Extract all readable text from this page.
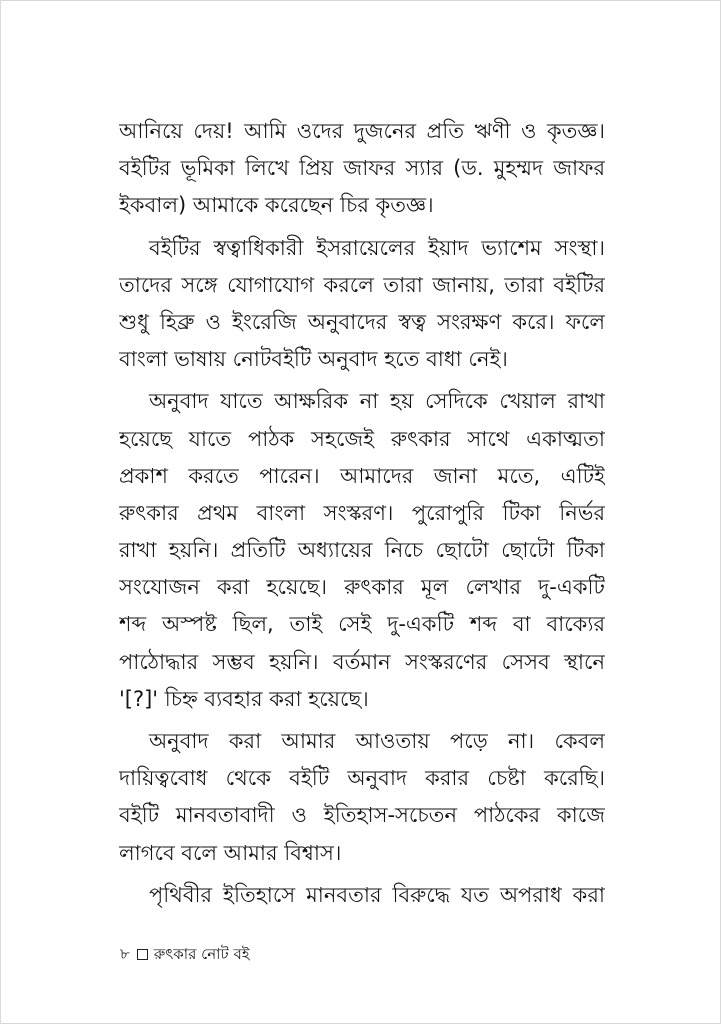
আনিয়ে দেয়! আমি ওদের দুজনের প্রতি ঋণী ও কৃতজ্ঞ।
বইটির ভূমিকা লিখে প্রিয় জাফর স্যার (ড. মুহম্মদ জাফর
ইকবাল) আমাকে করেছেন চির কৃতজ্ঞ।
বইটির স্বত্বাধিকারী ইসরায়েলের ইয়াদ ভ্যাশেম সংস্থা।
তাদের সঙ্গে যোগাযোগ করলে তারা জানায়, তারা বইটির
শুধু হিব্রু ও ইংরেজি অনুবাদের স্বত্ব সংরক্ষণ করে। ফলে
বাংলা ভাষায় নোটবইটি অনুবাদ হতে বাধা নেই।
অনুবাদ যাতে আক্ষরিক না হয় সেদিকে খেয়াল রাখা
হয়েছে যাতে পাঠক সহজেই রুৎকার সাথে একাত্মতা
প্রকাশ করতে পারেন। আমাদের জানা মতে, এটিই
রুৎকার প্রথম বাংলা সংস্করণ। পুরোপুরি টিকা নির্ভর
রাখা হয়নি। প্রতিটি অধ্যায়ের নিচে ছোটো ছোটো টিকা
সংযোজন করা হয়েছে। রুৎকার মূল লেখার দু-একটি
শব্দ অস্পষ্ট ছিল, তাই সেই দু-একটি শব্দ বা বাক্যের
পাঠোদ্ধার সম্ভব হয়নি। বর্তমান সংস্করণের সেসব স্থানে
'[?]' চিহ্ন ব্যবহার করা হয়েছে।
অনুবাদ করা আমার আওতায় পড়ে না। কেবল
দায়িত্ববোধ থেকে বইটি অনুবাদ করার চেষ্টা করেছি।
বইটি মানবতাবাদী ও ইতিহাস-সচেতন পাঠকের কাজে
লাগবে বলে আমার বিশ্বাস।
পৃথিবীর ইতিহাসে মানবতার বিরুদ্ধে যত অপরাধ করা
৮ রুৎকার নোট বই
